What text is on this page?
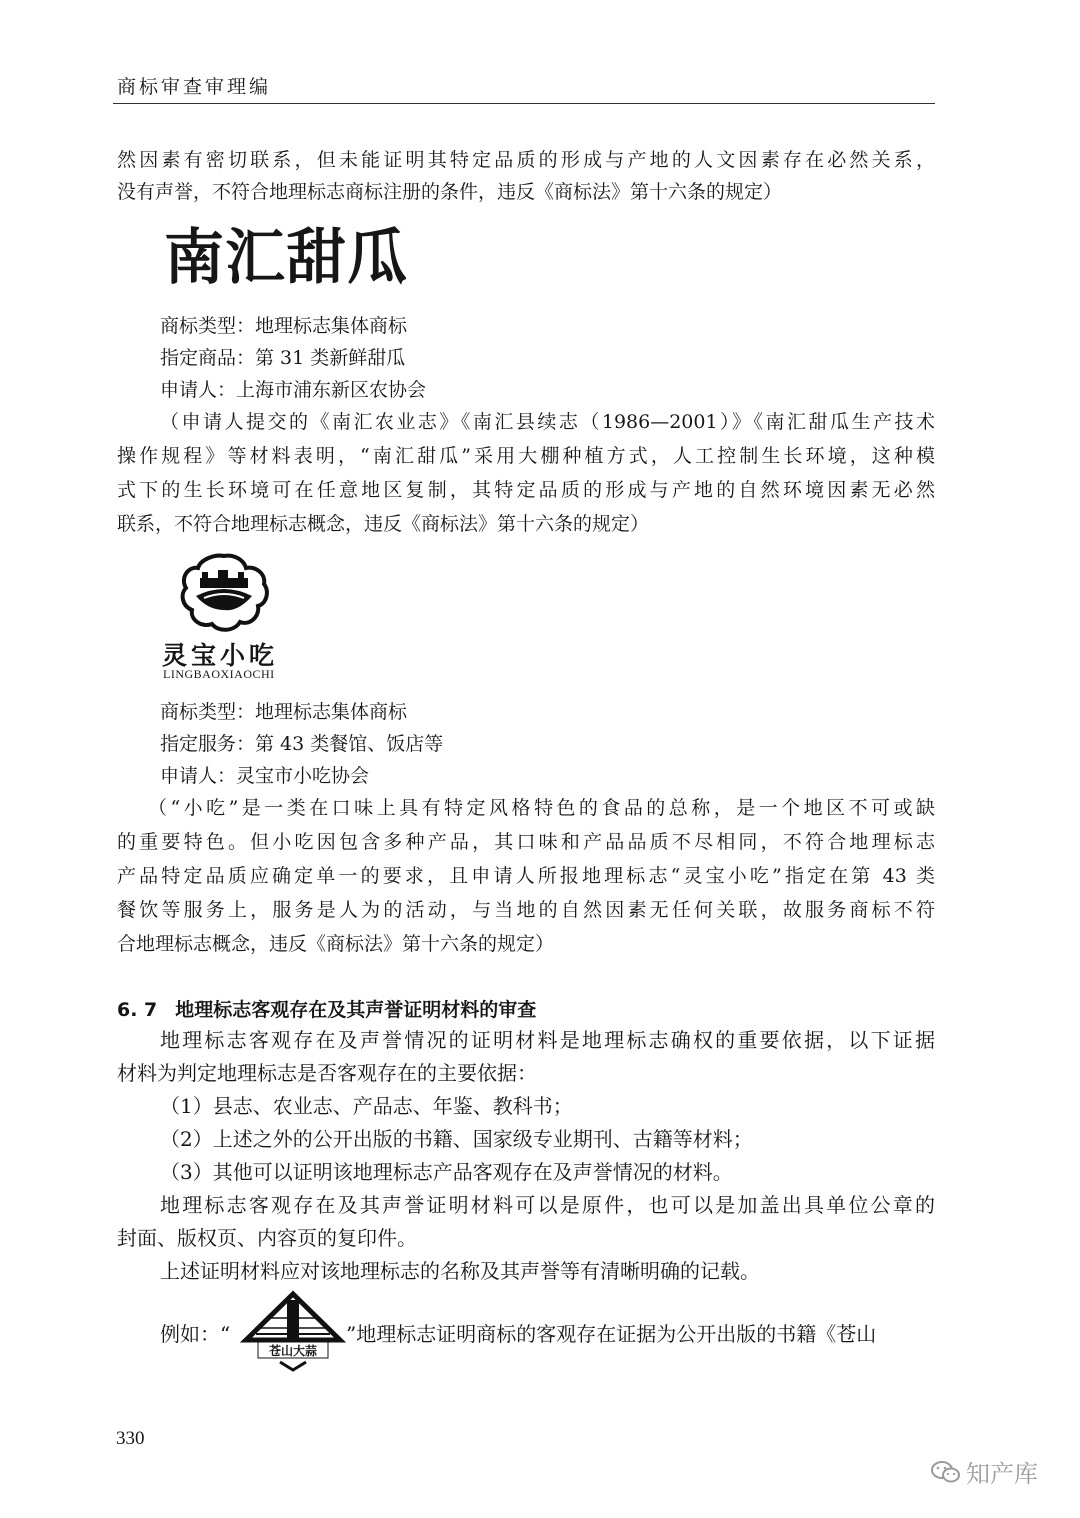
商标审查审理编
然因素有密切联系，但未能证明其特定品质的形成与产地的人文因素存在必然关系，
没有声誉，不符合地理标志商标注册的条件，违反《商标法》第十六条的规定）
南汇甜瓜
商标类型：地理标志集体商标
指定商品：第 31 类新鲜甜瓜
申请人：上海市浦东新区农协会
（申请人提交的《南汇农业志》《南汇县续志（1986—2001）》《南汇甜瓜生产技术
操作规程》等材料表明，“南汇甜瓜”采用大棚种植方式，人工控制生长环境，这种模
式下的生长环境可在任意地区复制，其特定品质的形成与产地的自然环境因素无必然
联系，不符合地理标志概念，违反《商标法》第十六条的规定）
灵宝小吃
LINGBAOXIAOCHI
商标类型：地理标志集体商标
指定服务：第 43 类餐馆、饭店等
申请人：灵宝市小吃协会
（“小吃”是一类在口味上具有特定风格特色的食品的总称，是一个地区不可或缺
的重要特色。但小吃因包含多种产品，其口味和产品品质不尽相同，不符合地理标志
产品特定品质应确定单一的要求，且申请人所报地理标志“灵宝小吃”指定在第 43 类
餐饮等服务上，服务是人为的活动，与当地的自然因素无任何关联，故服务商标不符
合地理标志概念，违反《商标法》第十六条的规定）
6. 7 地理标志客观存在及其声誉证明材料的审查
地理标志客观存在及声誉情况的证明材料是地理标志确权的重要依据，以下证据
材料为判定地理标志是否客观存在的主要依据：
（1）县志、农业志、产品志、年鉴、教科书；
（2）上述之外的公开出版的书籍、国家级专业期刊、古籍等材料；
（3）其他可以证明该地理标志产品客观存在及声誉情况的材料。
地理标志客观存在及其声誉证明材料可以是原件，也可以是加盖出具单位公章的
封面、版权页、内容页的复印件。
上述证明材料应对该地理标志的名称及其声誉等有清晰明确的记载。
例如：“
苍山大蒜
”地理标志证明商标的客观存在证据为公开出版的书籍《苍山
330
知产库
